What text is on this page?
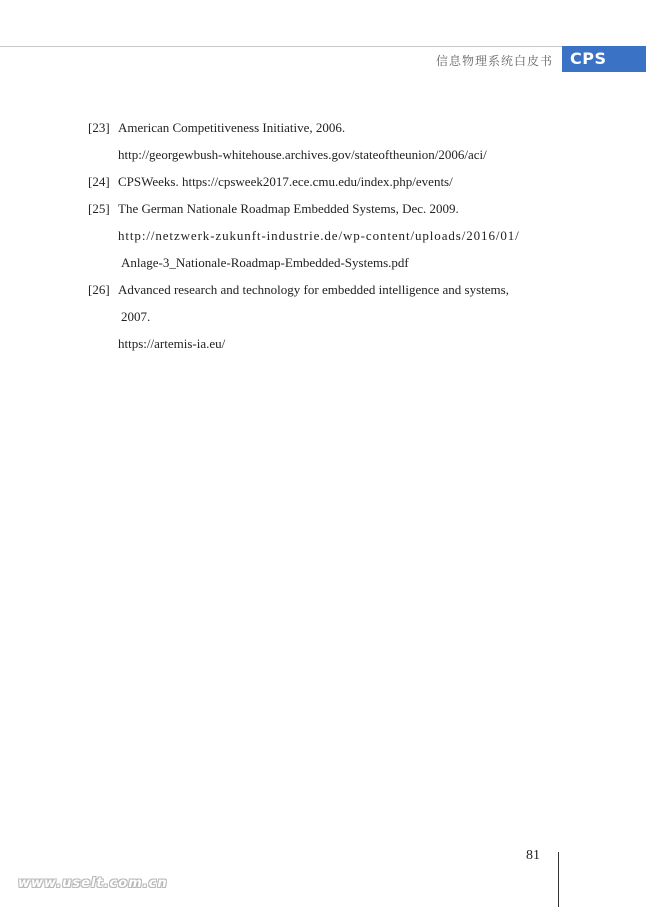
信息物理系统白皮书	CPS
[23] American Competitiveness Initiative, 2006.
http://georgewbush-whitehouse.archives.gov/stateoftheunion/2006/aci/
[24] CPSWeeks. https://cpsweek2017.ece.cmu.edu/index.php/events/
[25] The German Nationale Roadmap Embedded Systems, Dec. 2009.
http://netzwerk-zukunft-industrie.de/wp-content/uploads/2016/01/
Anlage-3_Nationale-Roadmap-Embedded-Systems.pdf
[26] Advanced research and technology for embedded intelligence and systems,
2007.
https://artemis-ia.eu/
81
www.uselt.com.cn
